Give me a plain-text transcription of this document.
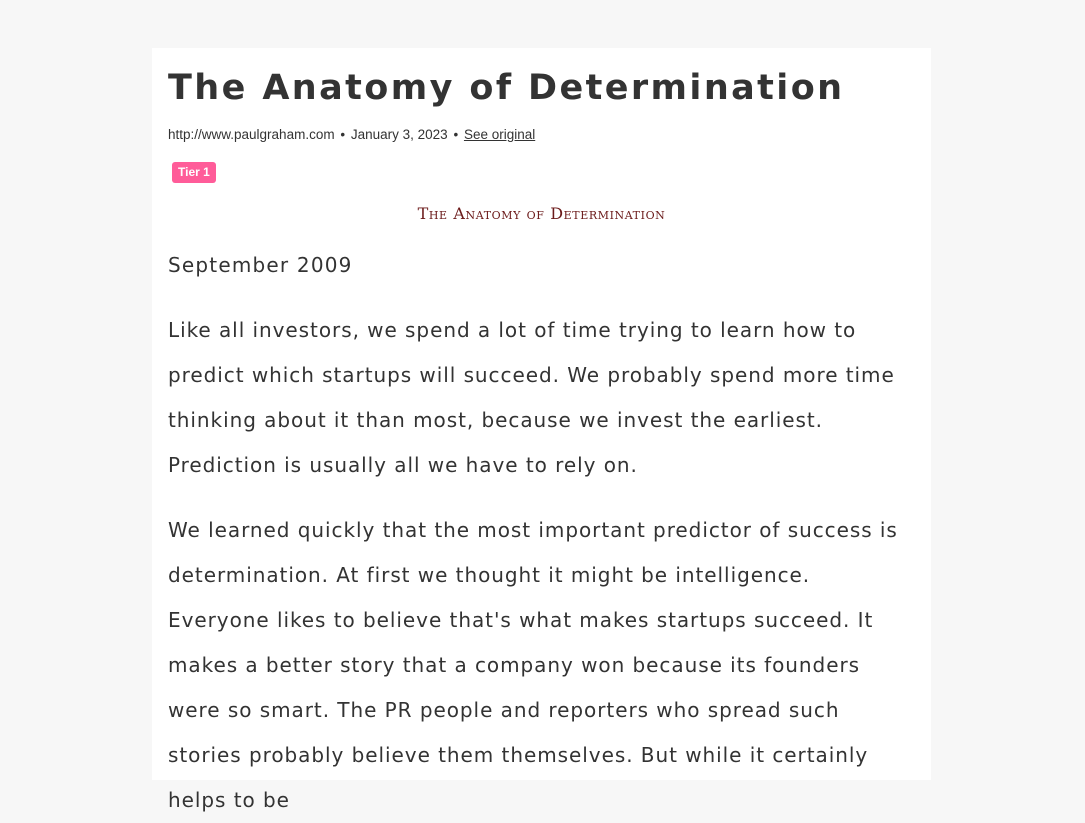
The Anatomy of Determination
http://www.paulgraham.com • January 3, 2023 • See original
Tier 1
The Anatomy of Determination
September 2009

Like all investors, we spend a lot of time trying to learn how to predict which startups will succeed. We probably spend more time thinking about it than most, because we invest the earliest. Prediction is usually all we have to rely on.

We learned quickly that the most important predictor of success is determination. At first we thought it might be intelligence. Everyone likes to believe that's what makes startups succeed. It makes a better story that a company won because its founders were so smart. The PR people and reporters who spread such stories probably believe them themselves. But while it certainly helps to be
